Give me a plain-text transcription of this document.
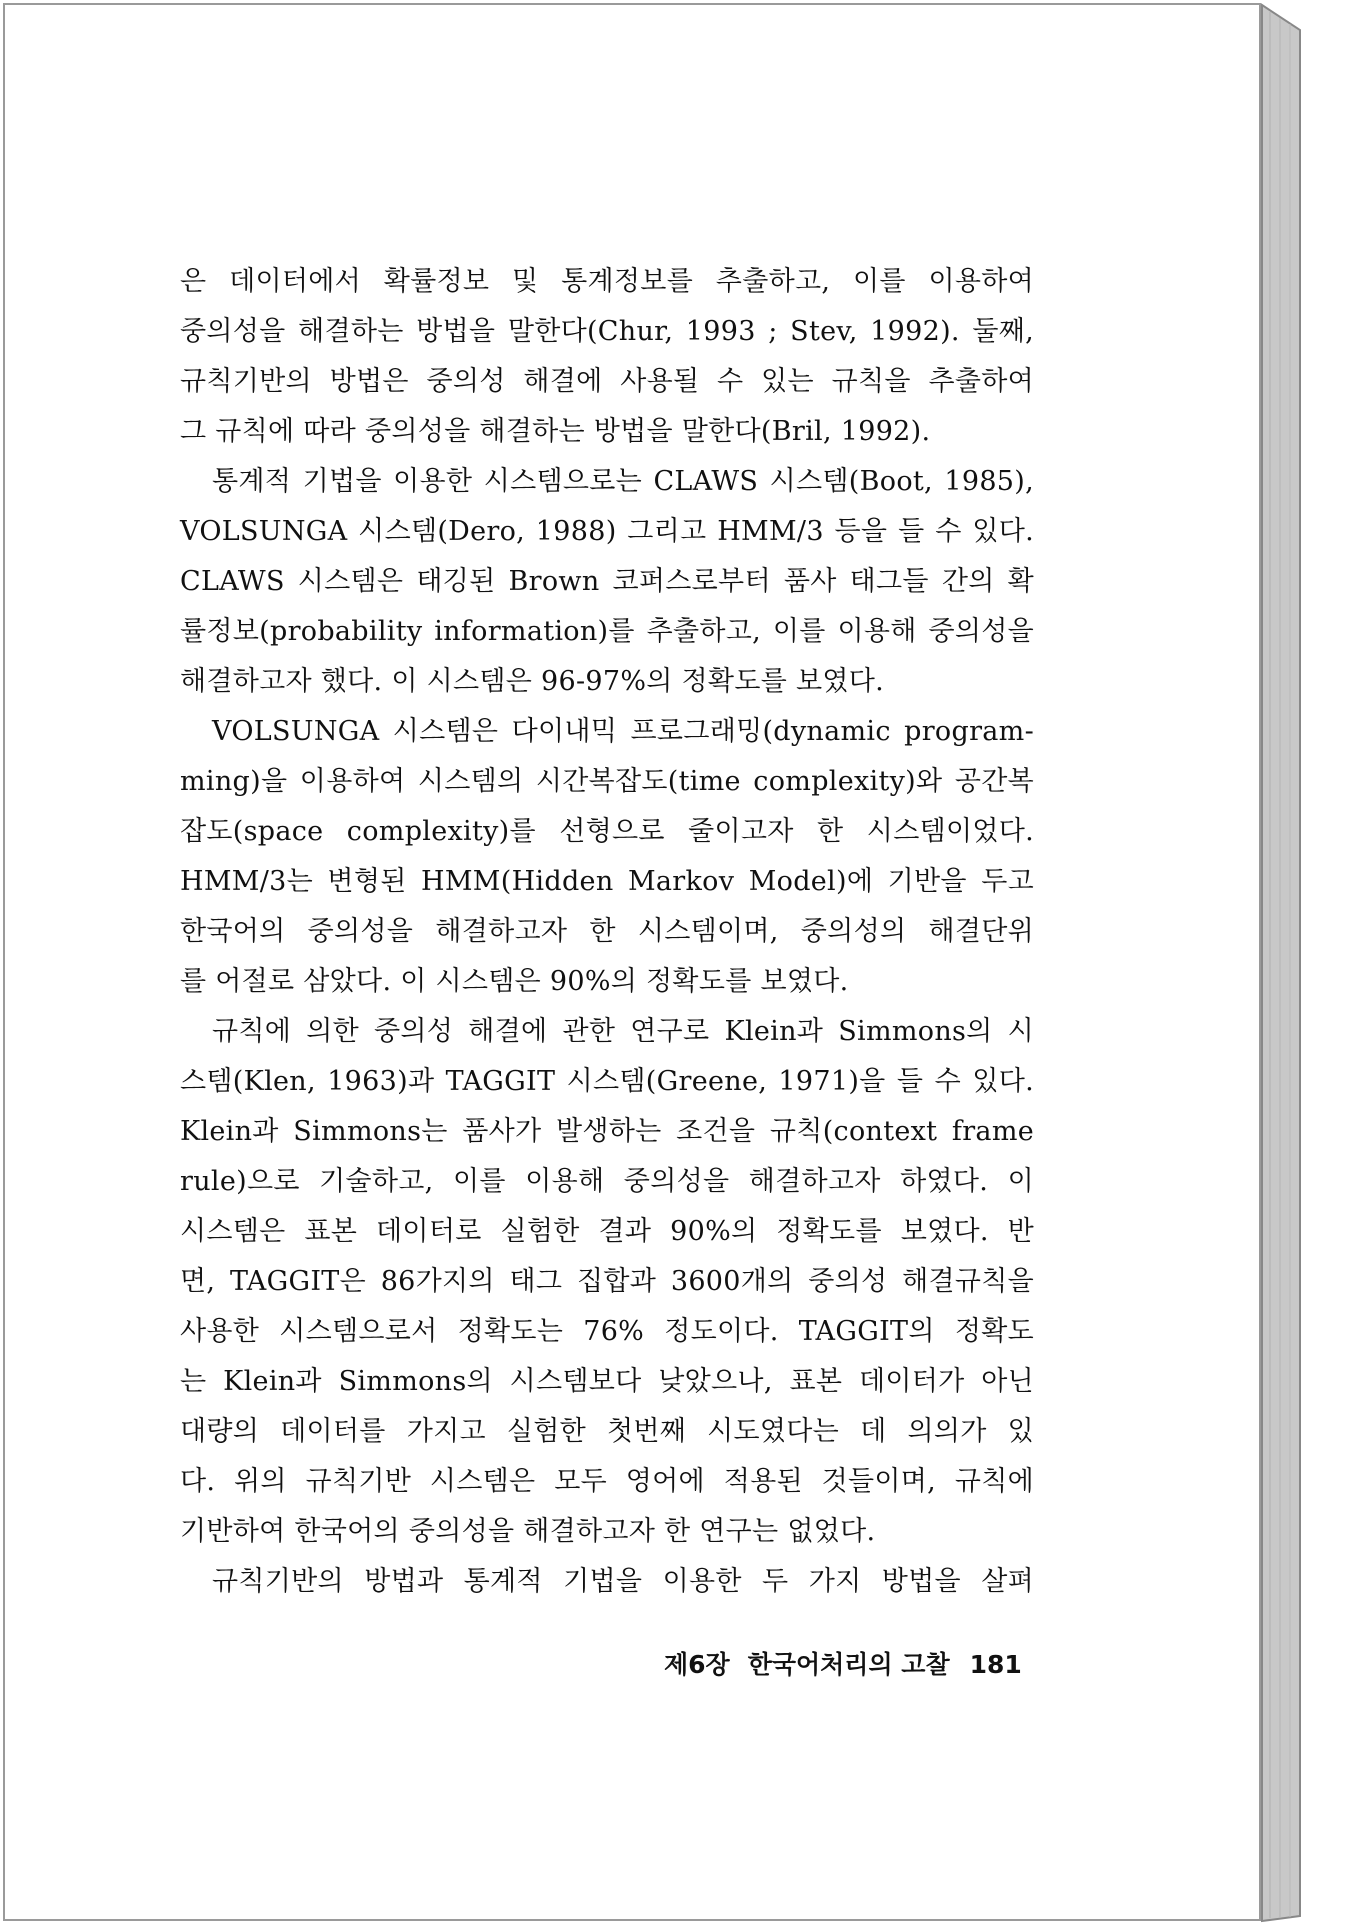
은 데이터에서 확률정보 및 통계정보를 추출하고, 이를 이용하여
중의성을 해결하는 방법을 말한다(Chur, 1993 ; Stev, 1992). 둘째,
규칙기반의 방법은 중의성 해결에 사용될 수 있는 규칙을 추출하여
그 규칙에 따라 중의성을 해결하는 방법을 말한다(Bril, 1992).
통계적 기법을 이용한 시스템으로는 CLAWS 시스템(Boot, 1985),
VOLSUNGA 시스템(Dero, 1988) 그리고 HMM/3 등을 들 수 있다.
CLAWS 시스템은 태깅된 Brown 코퍼스로부터 품사 태그들 간의 확
률정보(probability information)를 추출하고, 이를 이용해 중의성을
해결하고자 했다. 이 시스템은 96-97%의 정확도를 보였다.
VOLSUNGA 시스템은 다이내믹 프로그래밍(dynamic program-
ming)을 이용하여 시스템의 시간복잡도(time complexity)와 공간복
잡도(space complexity)를 선형으로 줄이고자 한 시스템이었다.
HMM/3는 변형된 HMM(Hidden Markov Model)에 기반을 두고
한국어의 중의성을 해결하고자 한 시스템이며, 중의성의 해결단위
를 어절로 삼았다. 이 시스템은 90%의 정확도를 보였다.
규칙에 의한 중의성 해결에 관한 연구로 Klein과 Simmons의 시
스템(Klen, 1963)과 TAGGIT 시스템(Greene, 1971)을 들 수 있다.
Klein과 Simmons는 품사가 발생하는 조건을 규칙(context frame
rule)으로 기술하고, 이를 이용해 중의성을 해결하고자 하였다. 이
시스템은 표본 데이터로 실험한 결과 90%의 정확도를 보였다. 반
면, TAGGIT은 86가지의 태그 집합과 3600개의 중의성 해결규칙을
사용한 시스템으로서 정확도는 76% 정도이다. TAGGIT의 정확도
는 Klein과 Simmons의 시스템보다 낮았으나, 표본 데이터가 아닌
대량의 데이터를 가지고 실험한 첫번째 시도였다는 데 의의가 있
다. 위의 규칙기반 시스템은 모두 영어에 적용된 것들이며, 규칙에
기반하여 한국어의 중의성을 해결하고자 한 연구는 없었다.
규칙기반의 방법과 통계적 기법을 이용한 두 가지 방법을 살펴
제6장 한국어처리의 고찰 181
